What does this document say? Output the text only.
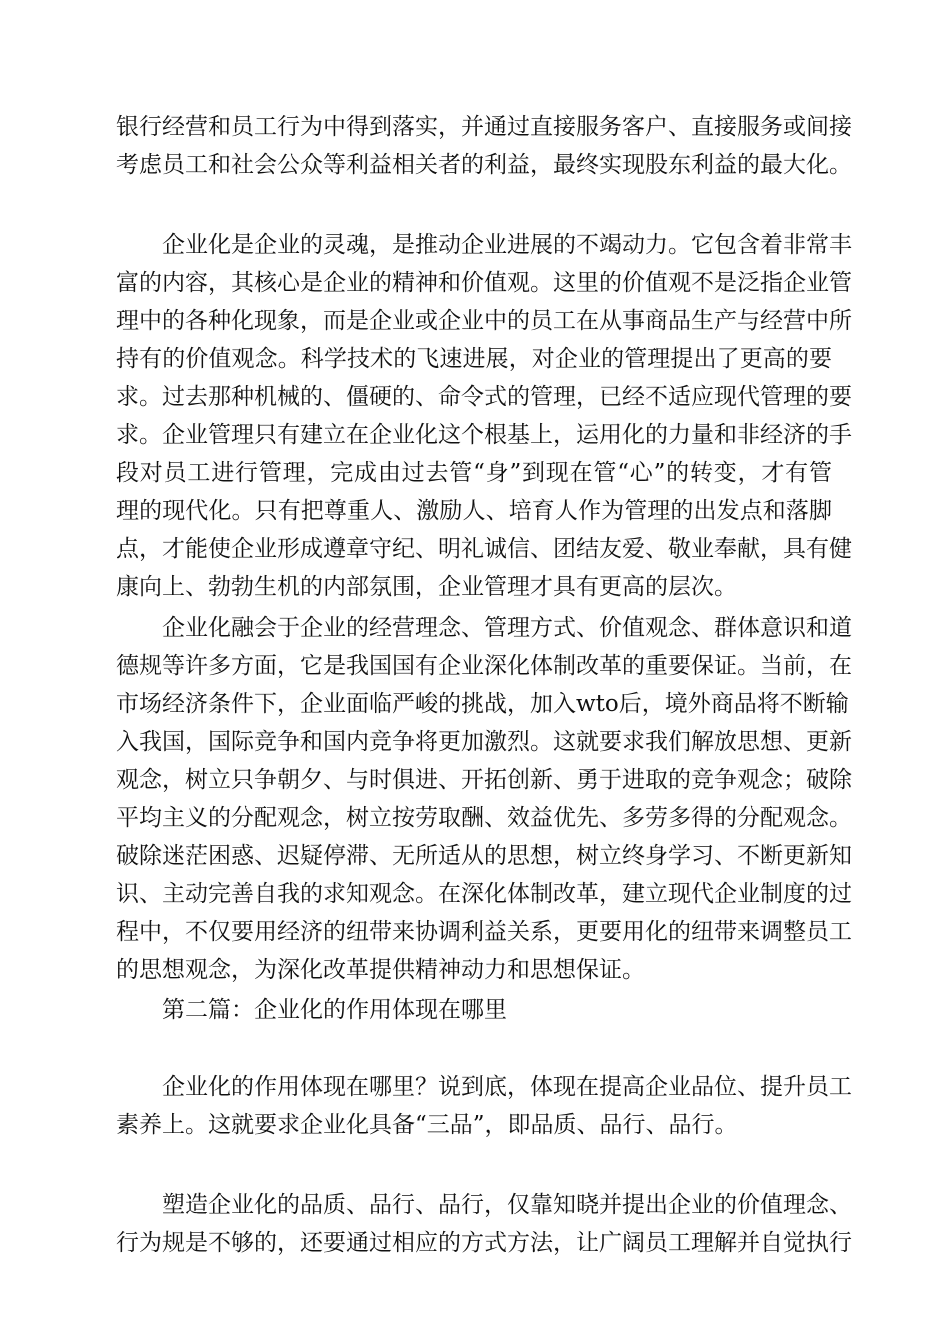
银行经营和员工行为中得到落实，并通过直接服务客户、直接服务或间接
考虑员工和社会公众等利益相关者的利益，最终实现股东利益的最大化。
企业化是企业的灵魂，是推动企业进展的不竭动力。它包含着非常丰
富的内容，其核心是企业的精神和价值观。这里的价值观不是泛指企业管
理中的各种化现象，而是企业或企业中的员工在从事商品生产与经营中所
持有的价值观念。科学技术的飞速进展，对企业的管理提出了更高的要
求。过去那种机械的、僵硬的、命令式的管理，已经不适应现代管理的要
求。企业管理只有建立在企业化这个根基上，运用化的力量和非经济的手
段对员工进行管理，完成由过去管“身”到现在管“心”的转变，才有管
理的现代化。只有把尊重人、激励人、培育人作为管理的出发点和落脚
点，才能使企业形成遵章守纪、明礼诚信、团结友爱、敬业奉献，具有健
康向上、勃勃生机的内部氛围，企业管理才具有更高的层次。
企业化融会于企业的经营理念、管理方式、价值观念、群体意识和道
德规等许多方面，它是我国国有企业深化体制改革的重要保证。当前，在
市场经济条件下，企业面临严峻的挑战，加入wto后，境外商品将不断输
入我国，国际竞争和国内竞争将更加激烈。这就要求我们解放思想、更新
观念，树立只争朝夕、与时俱进、开拓创新、勇于进取的竞争观念；破除
平均主义的分配观念，树立按劳取酬、效益优先、多劳多得的分配观念。
破除迷茫困惑、迟疑停滞、无所适从的思想，树立终身学习、不断更新知
识、主动完善自我的求知观念。在深化体制改革，建立现代企业制度的过
程中，不仅要用经济的纽带来协调利益关系，更要用化的纽带来调整员工
的思想观念，为深化改革提供精神动力和思想保证。
第二篇：企业化的作用体现在哪里
企业化的作用体现在哪里？说到底，体现在提高企业品位、提升员工
素养上。这就要求企业化具备“三品”，即品质、品行、品行。
塑造企业化的品质、品行、品行，仅靠知晓并提出企业的价值理念、
行为规是不够的，还要通过相应的方式方法，让广阔员工理解并自觉执行
